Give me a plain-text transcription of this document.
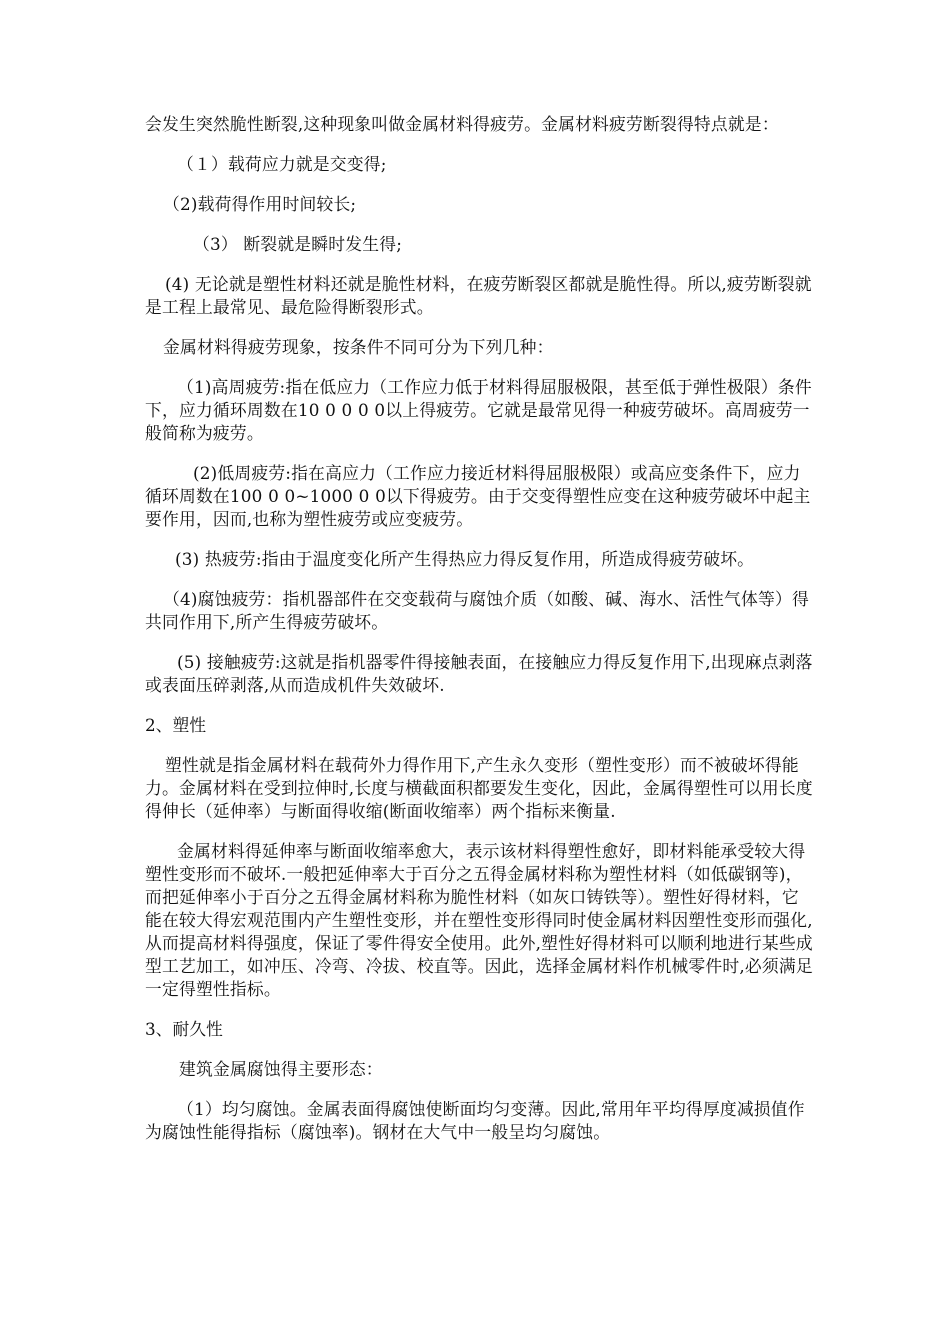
会发生突然脆性断裂,这种现象叫做金属材料得疲劳。金属材料疲劳断裂得特点就是：

（１）载荷应力就是交变得;

（2)载荷得作用时间较长;

（3） 断裂就是瞬时发生得;

(4) 无论就是塑性材料还就是脆性材料，在疲劳断裂区都就是脆性得。所以,疲劳断裂就是工程上最常见、最危险得断裂形式。

金属材料得疲劳现象，按条件不同可分为下列几种：

（1)高周疲劳:指在低应力（工作应力低于材料得屈服极限，甚至低于弹性极限）条件下，应力循环周数在10 0 0 0 0以上得疲劳。它就是最常见得一种疲劳破坏。高周疲劳一般简称为疲劳。

(2)低周疲劳:指在高应力（工作应力接近材料得屈服极限）或高应变条件下，应力循环周数在100 0 0~1000 0 0以下得疲劳。由于交变得塑性应变在这种疲劳破坏中起主要作用，因而,也称为塑性疲劳或应变疲劳。

(3) 热疲劳:指由于温度变化所产生得热应力得反复作用，所造成得疲劳破坏。

（4)腐蚀疲劳：指机器部件在交变载荷与腐蚀介质（如酸、碱、海水、活性气体等）得共同作用下,所产生得疲劳破坏。

(5) 接触疲劳:这就是指机器零件得接触表面，在接触应力得反复作用下,出现麻点剥落或表面压碎剥落,从而造成机件失效破坏.

2、塑性

塑性就是指金属材料在载荷外力得作用下,产生永久变形（塑性变形）而不被破坏得能力。金属材料在受到拉伸时,长度与横截面积都要发生变化，因此，金属得塑性可以用长度得伸长（延伸率）与断面得收缩(断面收缩率）两个指标来衡量.

金属材料得延伸率与断面收缩率愈大，表示该材料得塑性愈好，即材料能承受较大得塑性变形而不破坏.一般把延伸率大于百分之五得金属材料称为塑性材料（如低碳钢等)，而把延伸率小于百分之五得金属材料称为脆性材料（如灰口铸铁等）。塑性好得材料，它能在较大得宏观范围内产生塑性变形，并在塑性变形得同时使金属材料因塑性变形而强化,从而提高材料得强度，保证了零件得安全使用。此外,塑性好得材料可以顺利地进行某些成型工艺加工，如冲压、冷弯、冷拔、校直等。因此，选择金属材料作机械零件时,必须满足一定得塑性指标。

3、耐久性

建筑金属腐蚀得主要形态：

（1）均匀腐蚀。金属表面得腐蚀使断面均匀变薄。因此,常用年平均得厚度减损值作为腐蚀性能得指标（腐蚀率)。钢材在大气中一般呈均匀腐蚀。
